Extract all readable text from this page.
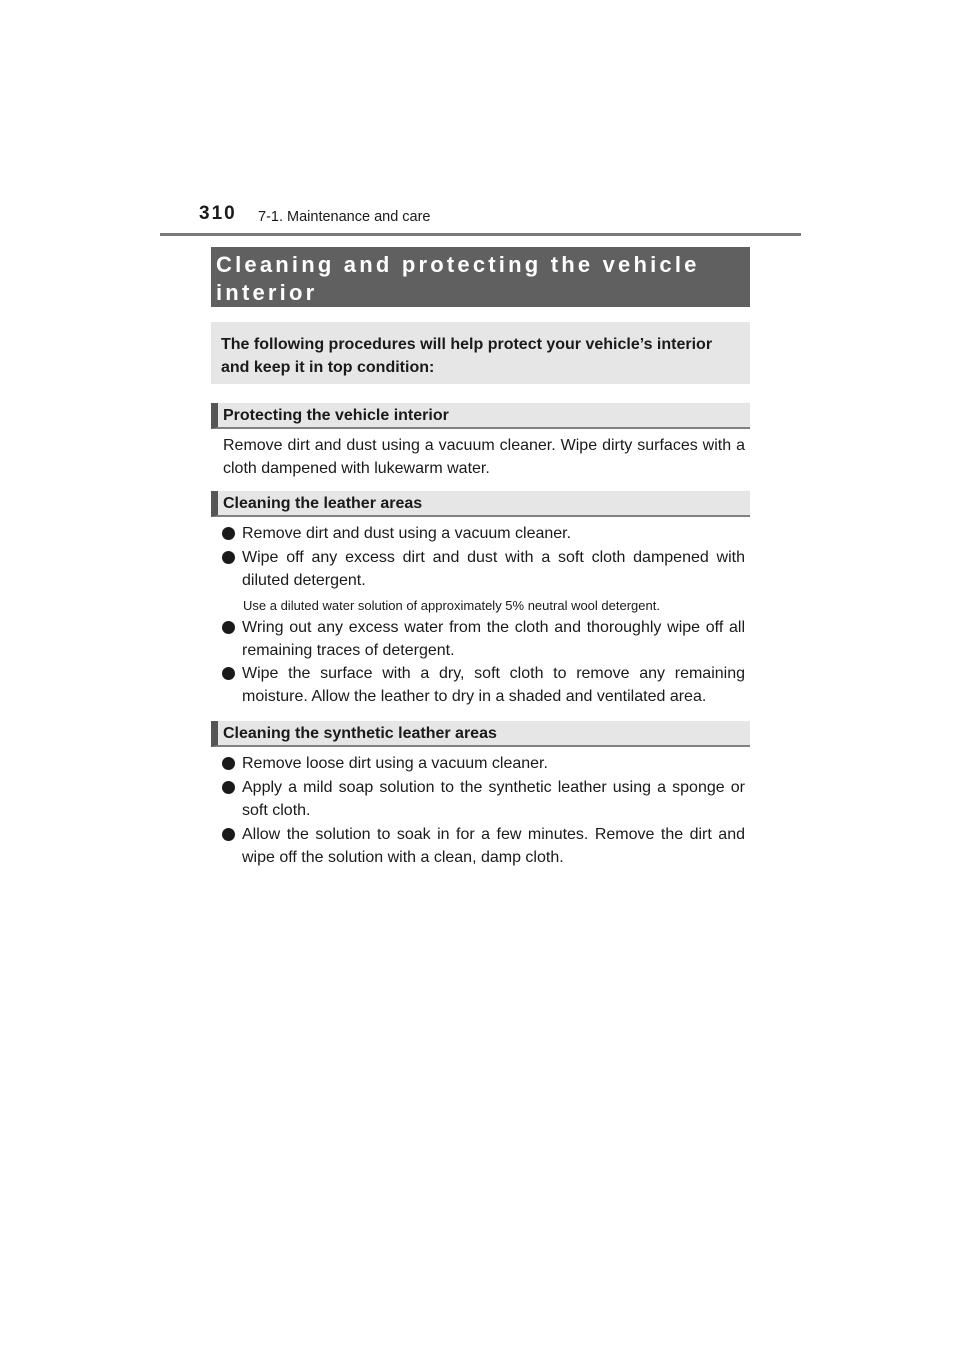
310 7-1. Maintenance and care

Cleaning and protecting the vehicle interior

The following procedures will help protect your vehicle’s interior and keep it in top condition:

Protecting the vehicle interior

Remove dirt and dust using a vacuum cleaner. Wipe dirty surfaces with a cloth dampened with lukewarm water.

Cleaning the leather areas
Remove dirt and dust using a vacuum cleaner.
Wipe off any excess dirt and dust with a soft cloth dampened with diluted detergent.

Use a diluted water solution of approximately 5% neutral wool detergent.

Wring out any excess water from the cloth and thoroughly wipe off all remaining traces of detergent.
Wipe the surface with a dry, soft cloth to remove any remaining moisture. Allow the leather to dry in a shaded and ventilated area.
Cleaning the synthetic leather areas
Remove loose dirt using a vacuum cleaner.
Apply a mild soap solution to the synthetic leather using a sponge or soft cloth.
Allow the solution to soak in for a few minutes. Remove the dirt and wipe off the solution with a clean, damp cloth.
